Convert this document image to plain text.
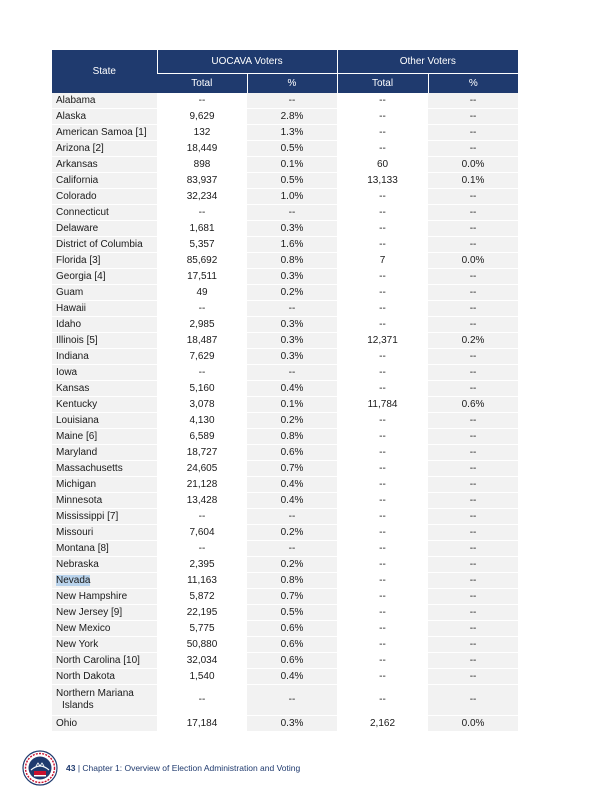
State	UOCAVA Voters		Other Voters	
	Total	%	Total	%
Alabama	--	--	--	--
Alaska	9,629	2.8%	--	--
American Samoa [1]	132	1.3%	--	--
Arizona [2]	18,449	0.5%	--	--
Arkansas	898	0.1%	60	0.0%
California	83,937	0.5%	13,133	0.1%
Colorado	32,234	1.0%	--	--
Connecticut	--	--	--	--
Delaware	1,681	0.3%	--	--
District of Columbia	5,357	1.6%	--	--
Florida [3]	85,692	0.8%	7	0.0%
Georgia [4]	17,511	0.3%	--	--
Guam	49	0.2%	--	--
Hawaii	--	--	--	--
Idaho	2,985	0.3%	--	--
Illinois [5]	18,487	0.3%	12,371	0.2%
Indiana	7,629	0.3%	--	--
Iowa	--	--	--	--
Kansas	5,160	0.4%	--	--
Kentucky	3,078	0.1%	11,784	0.6%
Louisiana	4,130	0.2%	--	--
Maine [6]	6,589	0.8%	--	--
Maryland	18,727	0.6%	--	--
Massachusetts	24,605	0.7%	--	--
Michigan	21,128	0.4%	--	--
Minnesota	13,428	0.4%	--	--
Mississippi [7]	--	--	--	--
Missouri	7,604	0.2%	--	--
Montana [8]	--	--	--	--
Nebraska	2,395	0.2%	--	--
Nevada	11,163	0.8%	--	--
New Hampshire	5,872	0.7%	--	--
New Jersey [9]	22,195	0.5%	--	--
New Mexico	5,775	0.6%	--	--
New York	50,880	0.6%	--	--
North Carolina [10]	32,034	0.6%	--	--
North Dakota	1,540	0.4%	--	--
Northern Mariana
Islands	--	--	--	--
Ohio	17,184	0.3%	2,162	0.0%
43 | Chapter 1: Overview of Election Administration and Voting
